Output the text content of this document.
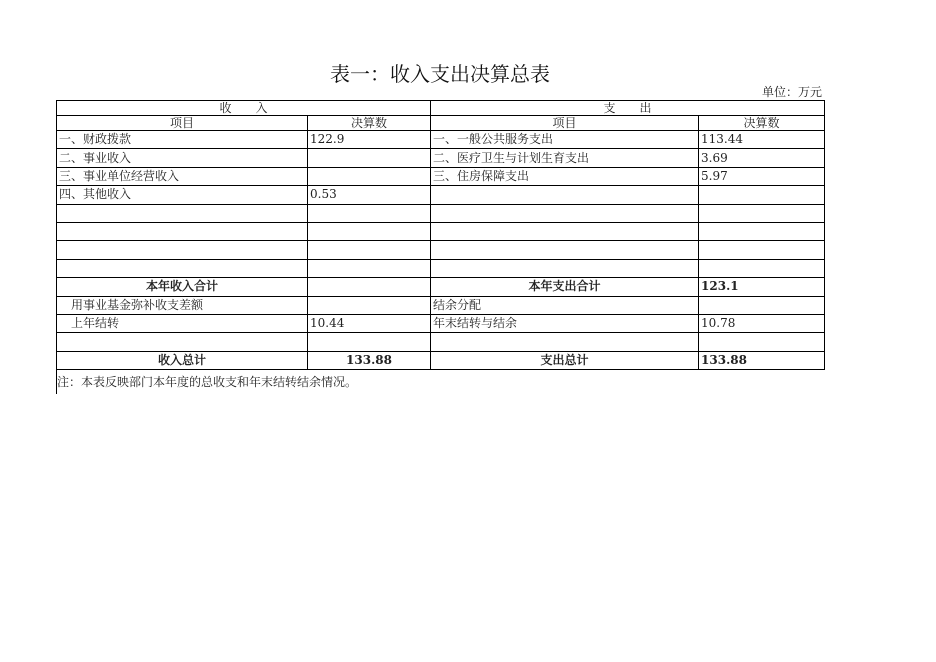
表一：收入支出决算总表
单位：万元
收　　入		支　　出	
项目	决算数	项目	决算数
一、财政拨款	122.9	一、一般公共服务支出	113.44
二、事业收入		二、医疗卫生与计划生育支出	3.69
三、事业单位经营收入		三、住房保障支出	5.97
四、其他收入	0.53		

本年收入合计		本年支出合计	123.1
用事业基金弥补收支差额		结余分配	
上年结转	10.44	年末结转与结余	10.78

收入总计	133.88	支出总计	133.88
注：本表反映部门本年度的总收支和年末结转结余情况。
